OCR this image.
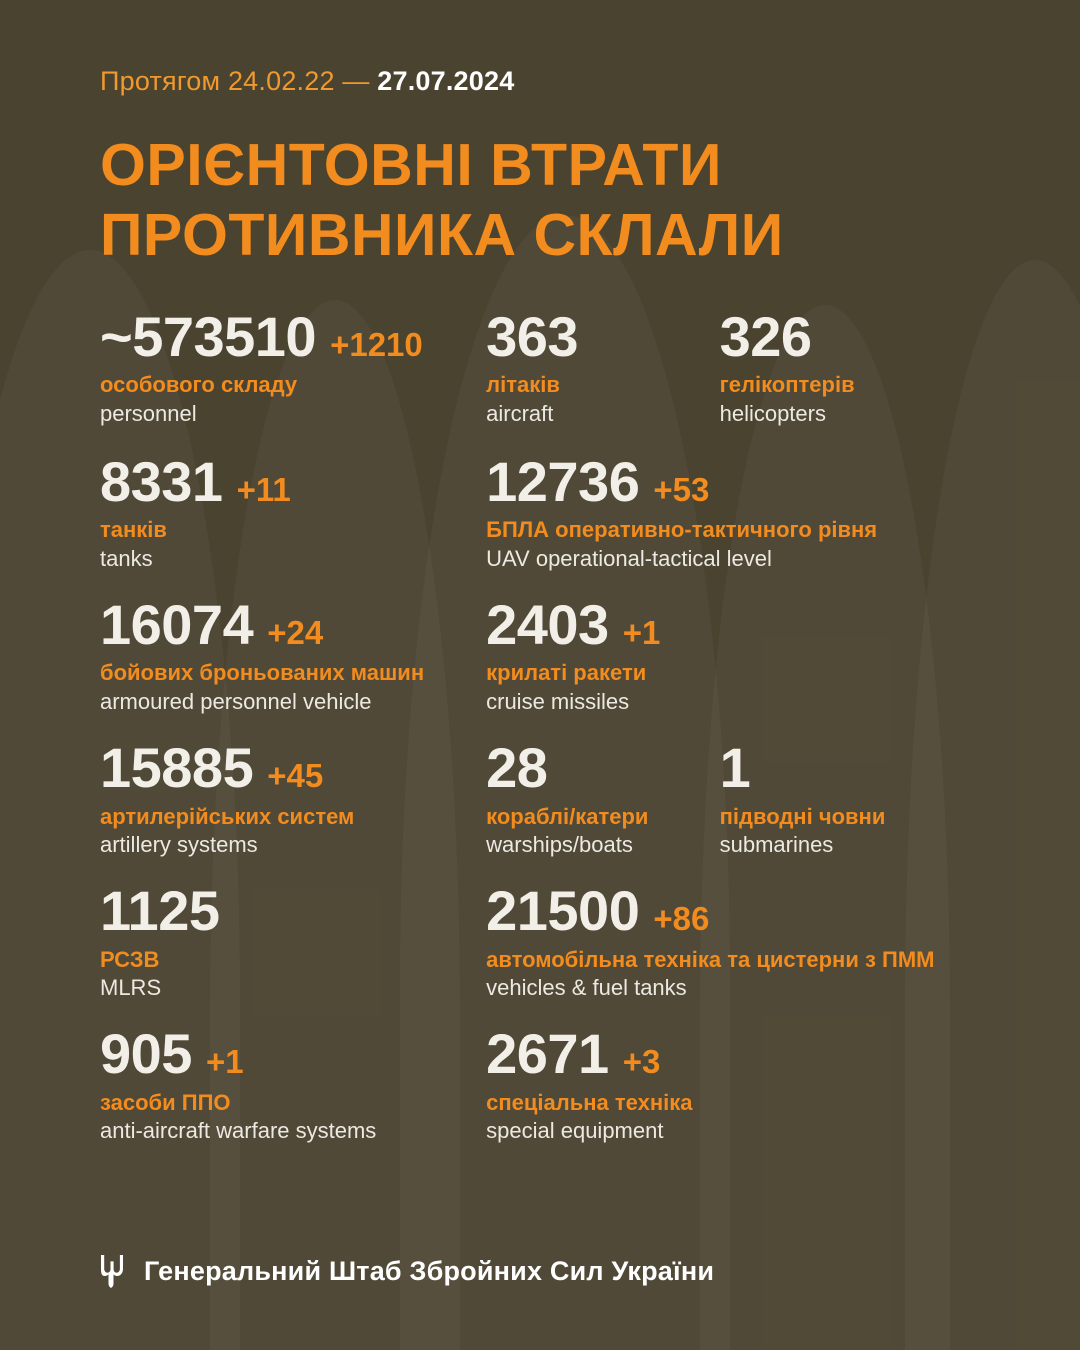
Протягом 24.02.22 — 27.07.2024
ОРІЄНТОВНІ ВТРАТИ
ПРОТИВНИКА СКЛАЛИ
~573510 +1210
особового складу
personnel
363
літаків
aircraft
326
гелікоптерів
helicopters
8331 +11
танків
tanks
12736 +53
БПЛА оперативно-тактичного рівня
UAV operational-tactical level
16074 +24
бойових броньованих машин
armoured personnel vehicle
2403 +1
крилаті ракети
cruise missiles
15885 +45
артилерійських систем
artillery systems
28
кораблі/катери
warships/boats
1
підводні човни
submarines
1125
РСЗВ
MLRS
21500 +86
автомобільна техніка та цистерни з ПММ
vehicles & fuel tanks
905 +1
засоби ППО
anti-aircraft warfare systems
2671 +3
спеціальна техніка
special equipment
Генеральний Штаб Збройних Сил України
